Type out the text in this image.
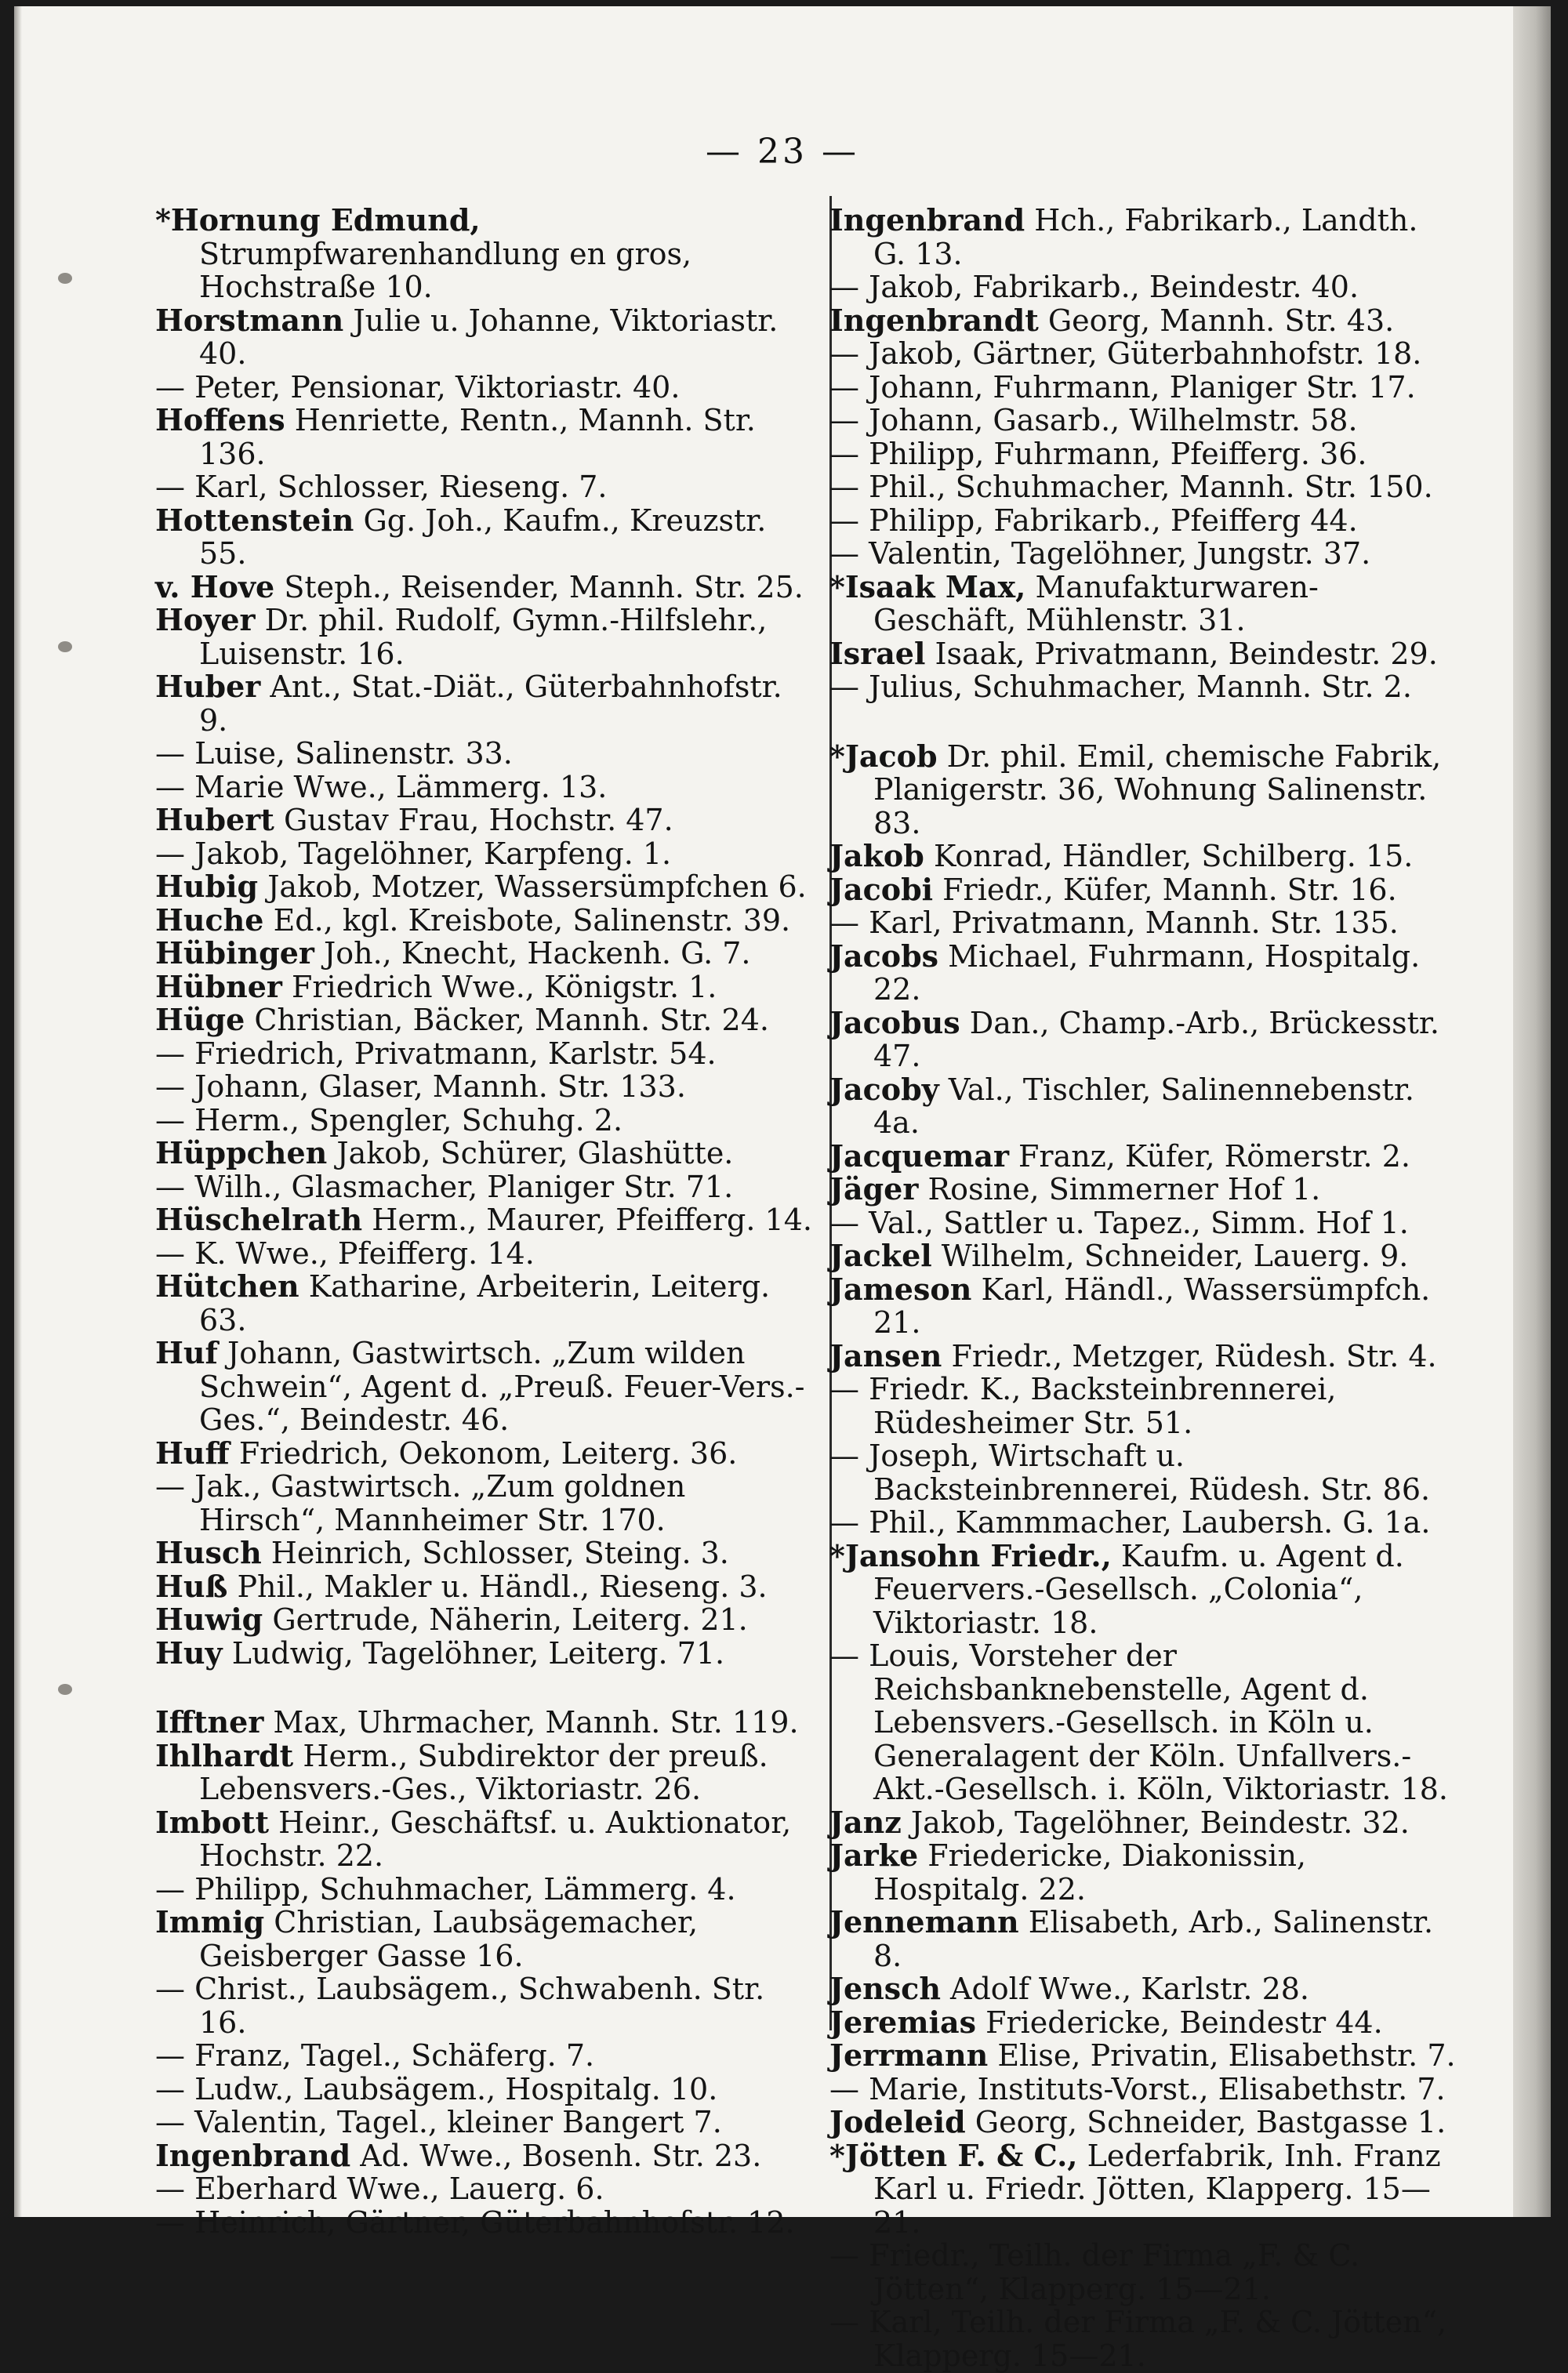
— 23 —

*Hornung Edmund, Strumpfwarenhandlung en gros, Hochstraße 10.

Horstmann Julie u. Johanne, Viktoriastr. 40.

— Peter, Pensionar, Viktoriastr. 40.

Hoffens Henriette, Rentn., Mannh. Str. 136.

— Karl, Schlosser, Rieseng. 7.

Hottenstein Gg. Joh., Kaufm., Kreuzstr. 55.

v. Hove Steph., Reisender, Mannh. Str. 25.

Hoyer Dr. phil. Rudolf, Gymn.-Hilfslehr., Luisenstr. 16.

Huber Ant., Stat.-Diät., Güterbahnhofstr. 9.

— Luise, Salinenstr. 33.

— Marie Wwe., Lämmerg. 13.

Hubert Gustav Frau, Hochstr. 47.

— Jakob, Tagelöhner, Karpfeng. 1.

Hubig Jakob, Motzer, Wassersümpfchen 6.

Huche Ed., kgl. Kreisbote, Salinenstr. 39.

Hübinger Joh., Knecht, Hackenh. G. 7.

Hübner Friedrich Wwe., Königstr. 1.

Hüge Christian, Bäcker, Mannh. Str. 24.

— Friedrich, Privatmann, Karlstr. 54.

— Johann, Glaser, Mannh. Str. 133.

— Herm., Spengler, Schuhg. 2.

Hüppchen Jakob, Schürer, Glashütte.

— Wilh., Glasmacher, Planiger Str. 71.

Hüschelrath Herm., Maurer, Pfeifferg. 14.

— K. Wwe., Pfeifferg. 14.

Hütchen Katharine, Arbeiterin, Leiterg. 63.

Huf Johann, Gastwirtsch. „Zum wilden Schwein“, Agent d. „Preuß. Feuer-Vers.-Ges.“, Beindestr. 46.

Huff Friedrich, Oekonom, Leiterg. 36.

— Jak., Gastwirtsch. „Zum goldnen Hirsch“, Mannheimer Str. 170.

Husch Heinrich, Schlosser, Steing. 3.

Huß Phil., Makler u. Händl., Rieseng. 3.

Huwig Gertrude, Näherin, Leiterg. 21.

Huy Ludwig, Tagelöhner, Leiterg. 71.

Ifftner Max, Uhrmacher, Mannh. Str. 119.

Ihlhardt Herm., Subdirektor der preuß. Lebensvers.-Ges., Viktoriastr. 26.

Imbott Heinr., Geschäftsf. u. Auktionator, Hochstr. 22.

— Philipp, Schuhmacher, Lämmerg. 4.

Immig Christian, Laubsägemacher, Geisberger Gasse 16.

— Christ., Laubsägem., Schwabenh. Str. 16.

— Franz, Tagel., Schäferg. 7.

— Ludw., Laubsägem., Hospitalg. 10.

— Valentin, Tagel., kleiner Bangert 7.

Ingenbrand Ad. Wwe., Bosenh. Str. 23.

— Eberhard Wwe., Lauerg. 6.

— Heinrich, Gärtner, Güterbahnhofstr. 12.

Ingenbrand Hch., Fabrikarb., Landth. G. 13.

— Jakob, Fabrikarb., Beindestr. 40.

Ingenbrandt Georg, Mannh. Str. 43.

— Jakob, Gärtner, Güterbahnhofstr. 18.

— Johann, Fuhrmann, Planiger Str. 17.

— Johann, Gasarb., Wilhelmstr. 58.

— Philipp, Fuhrmann, Pfeifferg. 36.

— Phil., Schuhmacher, Mannh. Str. 150.

— Philipp, Fabrikarb., Pfeifferg 44.

— Valentin, Tagelöhner, Jungstr. 37.

*Isaak Max, Manufakturwaren-Geschäft, Mühlenstr. 31.

Israel Isaak, Privatmann, Beindestr. 29.

— Julius, Schuhmacher, Mannh. Str. 2.

*Jacob Dr. phil. Emil, chemische Fabrik, Planigerstr. 36, Wohnung Salinenstr. 83.

Jakob Konrad, Händler, Schilberg. 15.

Jacobi Friedr., Küfer, Mannh. Str. 16.

— Karl, Privatmann, Mannh. Str. 135.

Jacobs Michael, Fuhrmann, Hospitalg. 22.

Jacobus Dan., Champ.-Arb., Brückesstr. 47.

Jacoby Val., Tischler, Salinennebenstr. 4a.

Jacquemar Franz, Küfer, Römerstr. 2.

Jäger Rosine, Simmerner Hof 1.

— Val., Sattler u. Tapez., Simm. Hof 1.

Jackel Wilhelm, Schneider, Lauerg. 9.

Jameson Karl, Händl., Wassersümpfch. 21.

Jansen Friedr., Metzger, Rüdesh. Str. 4.

— Friedr. K., Backsteinbrennerei, Rüdesheimer Str. 51.

— Joseph, Wirtschaft u. Backsteinbrennerei, Rüdesh. Str. 86.

— Phil., Kammmacher, Laubersh. G. 1a.

*Jansohn Friedr., Kaufm. u. Agent d. Feuervers.-Gesellsch. „Colonia“, Viktoriastr. 18.

— Louis, Vorsteher der Reichsbanknebenstelle, Agent d. Lebensvers.-Gesellsch. in Köln u. Generalagent der Köln. Unfallvers.-Akt.-Gesellsch. i. Köln, Viktoriastr. 18.

Janz Jakob, Tagelöhner, Beindestr. 32.

Jarke Friedericke, Diakonissin, Hospitalg. 22.

Jennemann Elisabeth, Arb., Salinenstr. 8.

Jensch Adolf Wwe., Karlstr. 28.

Jeremias Friedericke, Beindestr 44.

Jerrmann Elise, Privatin, Elisabethstr. 7.

— Marie, Instituts-Vorst., Elisabethstr. 7.

Jodeleid Georg, Schneider, Bastgasse 1.

*Jötten F. & C., Lederfabrik, Inh. Franz Karl u. Friedr. Jötten, Klapperg. 15—21.

— Friedr., Teilh. der Firma „F. & C. Jötten“, Klapperg. 15—21.

— Karl, Teilh. der Firma „F. & C. Jötten“, Klapperg. 15—21.
